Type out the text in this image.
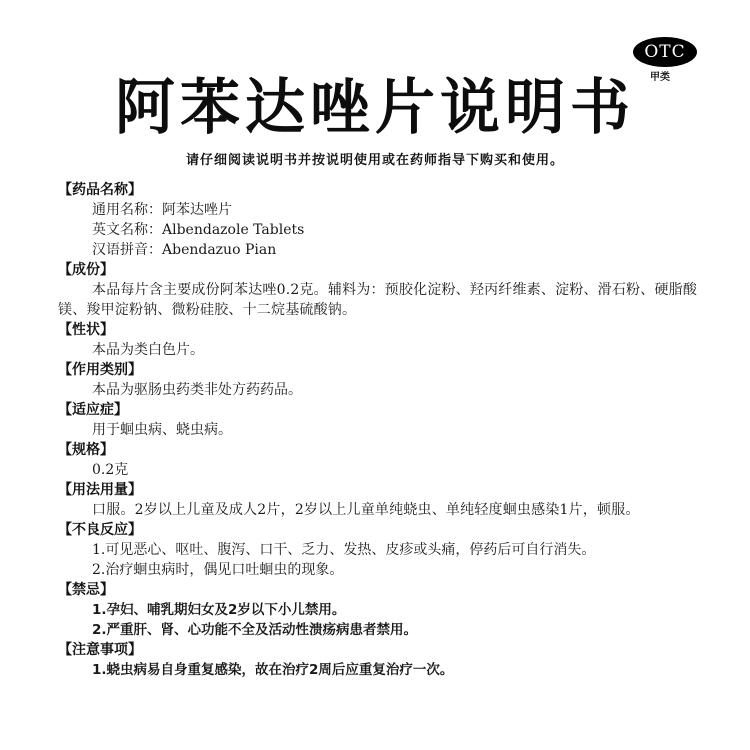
OTC
甲类
阿苯达唑片说明书
请仔细阅读说明书并按说明使用或在药师指导下购买和使用。
【药品名称】
通用名称：阿苯达唑片
英文名称：Albendazole Tablets
汉语拼音：Abendazuo Pian
【成份】
本品每片含主要成份阿苯达唑0.2克。辅料为：预胶化淀粉、羟丙纤维素、淀粉、滑石粉、硬脂酸镁、羧甲淀粉钠、微粉硅胶、十二烷基硫酸钠。
【性状】
本品为类白色片。
【作用类别】
本品为驱肠虫药类非处方药药品。
【适应症】
用于蛔虫病、蛲虫病。
【规格】
0.2克
【用法用量】
口服。2岁以上儿童及成人2片，2岁以上儿童单纯蛲虫、单纯轻度蛔虫感染1片，顿服。
【不良反应】
1.可见恶心、呕吐、腹泻、口干、乏力、发热、皮疹或头痛，停药后可自行消失。
2.治疗蛔虫病时，偶见口吐蛔虫的现象。
【禁忌】
1.孕妇、哺乳期妇女及2岁以下小儿禁用。
2.严重肝、肾、心功能不全及活动性溃疡病患者禁用。
【注意事项】
1.蛲虫病易自身重复感染，故在治疗2周后应重复治疗一次。
